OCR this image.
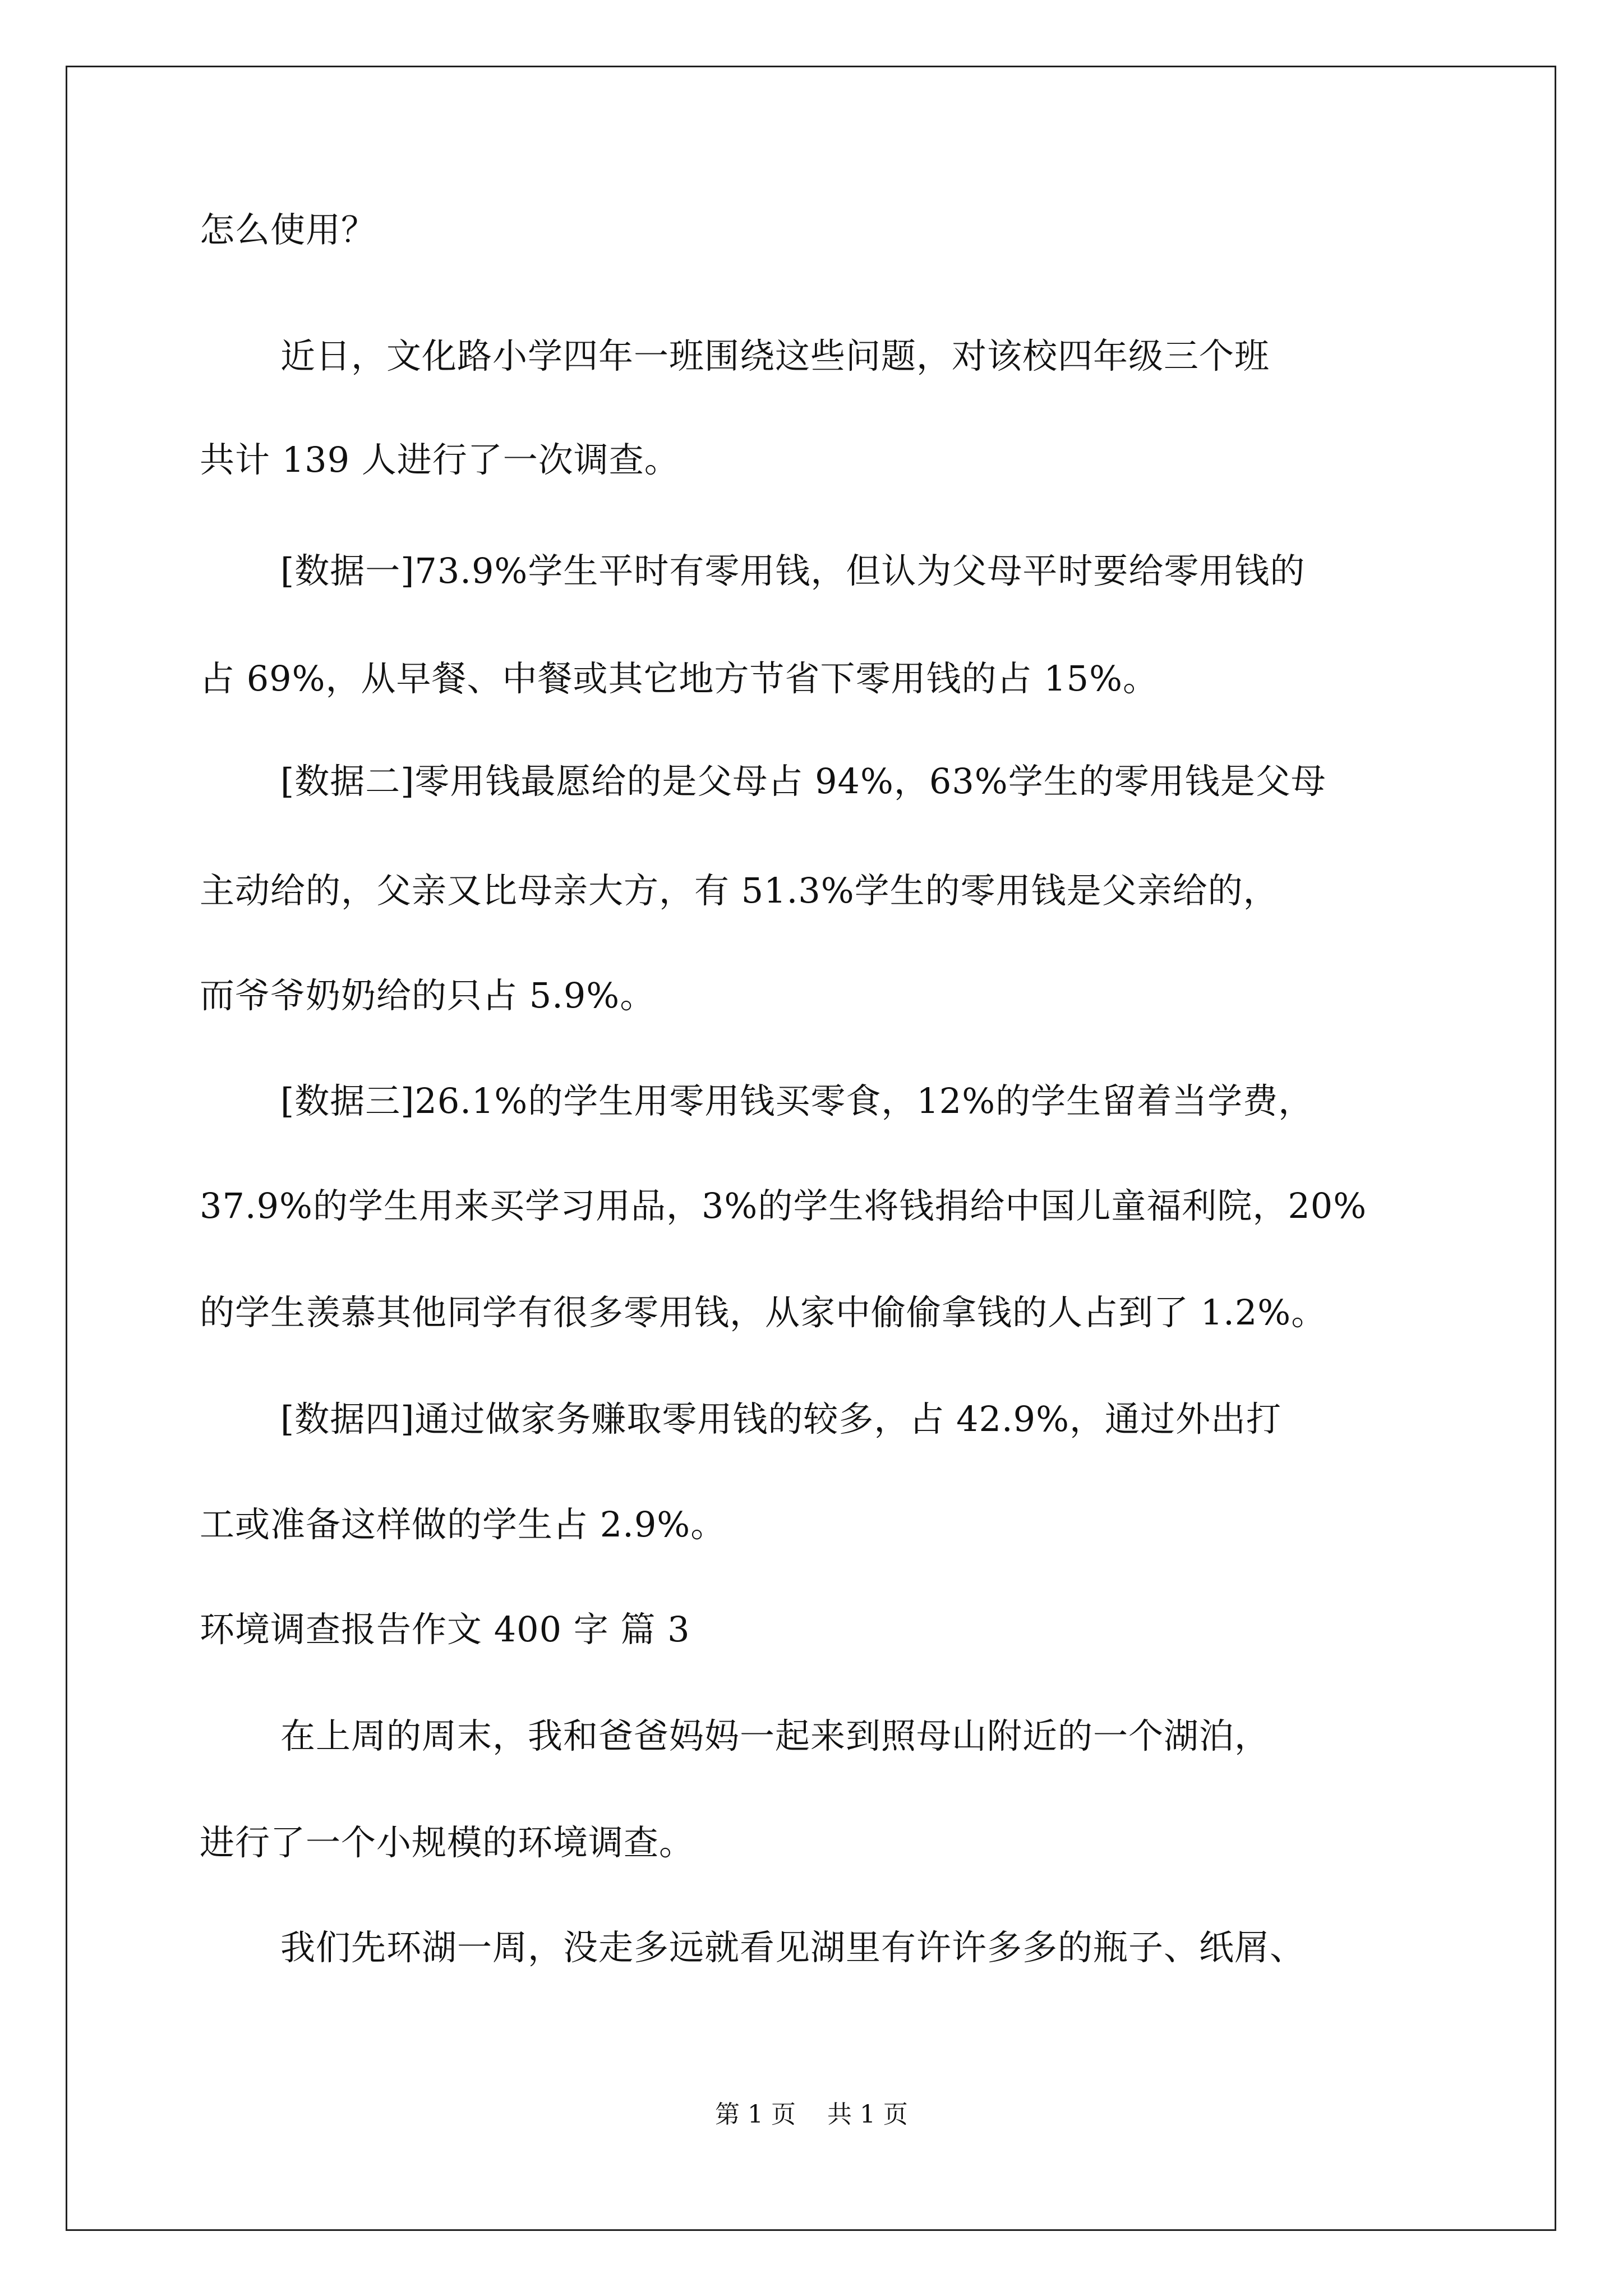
怎么使用？
近日，文化路小学四年一班围绕这些问题，对该校四年级三个班
共计 139 人进行了一次调查。
[数据一]73.9%学生平时有零用钱，但认为父母平时要给零用钱的
占 69%，从早餐、中餐或其它地方节省下零用钱的占 15%。
[数据二]零用钱最愿给的是父母占 94%，63%学生的零用钱是父母
主动给的，父亲又比母亲大方，有 51.3%学生的零用钱是父亲给的，
而爷爷奶奶给的只占 5.9%。
[数据三]26.1%的学生用零用钱买零食，12%的学生留着当学费，
37.9%的学生用来买学习用品，3%的学生将钱捐给中国儿童福利院，20%
的学生羡慕其他同学有很多零用钱，从家中偷偷拿钱的人占到了 1.2%。
[数据四]通过做家务赚取零用钱的较多，占 42.9%，通过外出打
工或准备这样做的学生占 2.9%。
环境调查报告作文 400 字 篇 3
在上周的周末，我和爸爸妈妈一起来到照母山附近的一个湖泊，
进行了一个小规模的环境调查。
我们先环湖一周，没走多远就看见湖里有许许多多的瓶子、纸屑、
第 1 页    共 1 页
